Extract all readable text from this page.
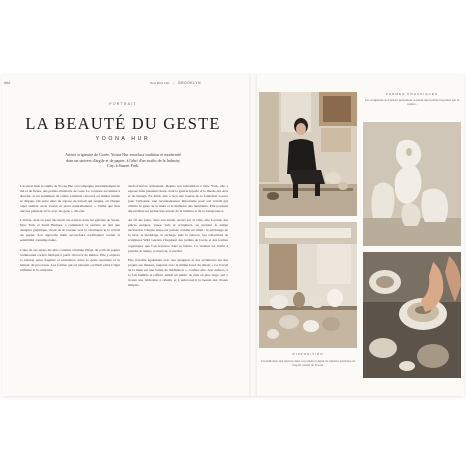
###	New York City | BROOKLYN
PORTRAIT
LA BEAUTÉ DU GESTE
YOONA HUR
Artiste originaire de Corée, Yoona Hur entrelace tradition et modernité dans un univers d'argile et de papier, à l'abri d'un studio de la Industry City, à Sunset Park.

L'accueil dans le studio de Yoona Hur s'accompagne invariablement de thé et de fleurs, des petites attentions de cœur. Le contexte est intime à aborder, et un sentiment de calme rarement retrouvé en milieu urbain se dégage. On entre dans un espace de travail qui respire, où chaque objet semble avoir trouvé sa place naturellement. « J'aime que mes œuvres puissent vivre avec les gens », dit-elle.

L'artiste, dont on peut découvrir les œuvres dans les galeries de Seoul, New York et Santa Barbara, a commencé sa carrière en tant que designer graphique, avant de se tourner vers la céramique et le travail du papier. Son approche mêle savoir-faire traditionnel coréen et sensibilité contemporaine.

L'une de ses séries les plus connues s'intitule Hanji, du nom du papier traditionnel coréen fabriqué à partir d'écorce de mûrier. Elle y explore la tension entre fragilité et résistance, entre le geste spontané et la lenteur du processus. Les formes qui en naissent oscillent entre l'objet utilitaire et la sculpture.

chefs-d'œuvre artisanaux. Depuis son installation à New York, elle a exposé dans plusieurs lieux, dont la galerie Ippodo et le musée des Arts et du Design. En 2022, elle a reçu une bourse de la fondation Loewe pour l'artisanat, une reconnaissance importante pour son travail qui célèbre le geste de la main et la mémoire des matériaux. Elle poursuit aujourd'hui ses recherches autour de la lumière et de la transparence.

Au fil des jours, dans son studio ouvert sur la ville, elle façonne des pièces uniques, vases, bols et sculptures, en prenant le temps nécessaire. Chaque étape est pensée comme un rituel : le pétrissage de la terre, le modelage, le séchage, puis la cuisson. Ses collections de sculptures Wild Garden s'inspirent des jardins de Corée et des formes organiques que l'on retrouve dans la nature. Le visiteur est invité à prendre le temps, à observer, à toucher.

Elle travaille également avec des designers et des architectes sur des projets sur mesure, toujours avec le même souci du détail. « Le travail de la main est une forme de méditation », confie-t-elle. Son univers, à la fois humble et raffiné, séduit un public de plus en plus large, qui y trouve une invitation à ralentir et à redécouvrir la beauté des choses simples.

FORMES ORGANIQUES
Les sculptures de l'artiste présentent souvent des formes inspirées par la nature.
DISPOSITION
L'installation des œuvres dans son studio baigné de lumière participe de l'esprit créatif de Yoona.
